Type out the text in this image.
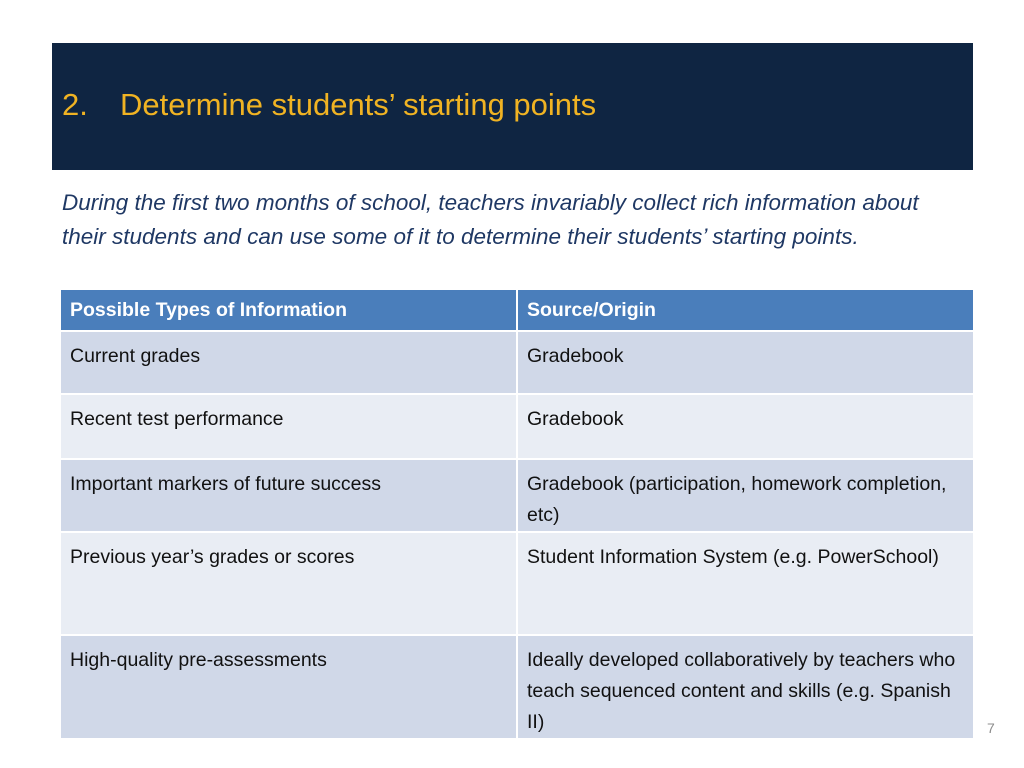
2. Determine students’ starting points
During the first two months of school, teachers invariably collect rich information about their students and can use some of it to determine their students’ starting points.
Possible Types of Information	Source/Origin
Current grades	Gradebook
Recent test performance	Gradebook
Important markers of future success	Gradebook (participation, homework completion, etc)
Previous year’s grades or scores	Student Information System (e.g. PowerSchool)
High-quality pre-assessments	Ideally developed collaboratively by teachers who teach sequenced content and skills (e.g. Spanish II)	7
